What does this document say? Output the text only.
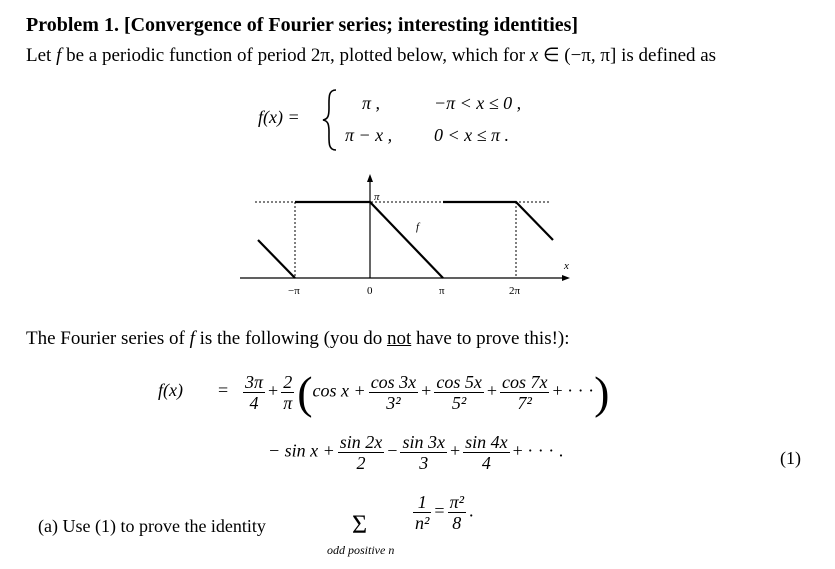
Problem 1. [Convergence of Fourier series; interesting identities]
Let f be a periodic function of period 2π, plotted below, which for x ∈ (−π, π] is defined as
f(x) =
π ,	−π < x ≤ 0 ,
π − x , 0 < x ≤ π .
−π	0	π	2π
π
f
x
The Fourier series of f is the following (you do not have to prove this!):
$f(x) = \frac{3\pi}{4} + \frac{2}{\pi} (\cos$ $x + \frac{\cos 3x}{\text{3²}} + \frac{\cos 5x}{\text{5²}} + \frac{\cos 7x}{\text{7²}}$ + · · ·)
− $\sin x + \frac{\sin 2x}{2} - \frac{\sin 3x}{3} + \frac{\sin 4x}{4}$ + · · · .	(1)
(a) Use (1) to prove the identity	Σ
odd positive n
$\frac{1}{\text{n²}} = \frac{\text{π²}}{8}$ .
